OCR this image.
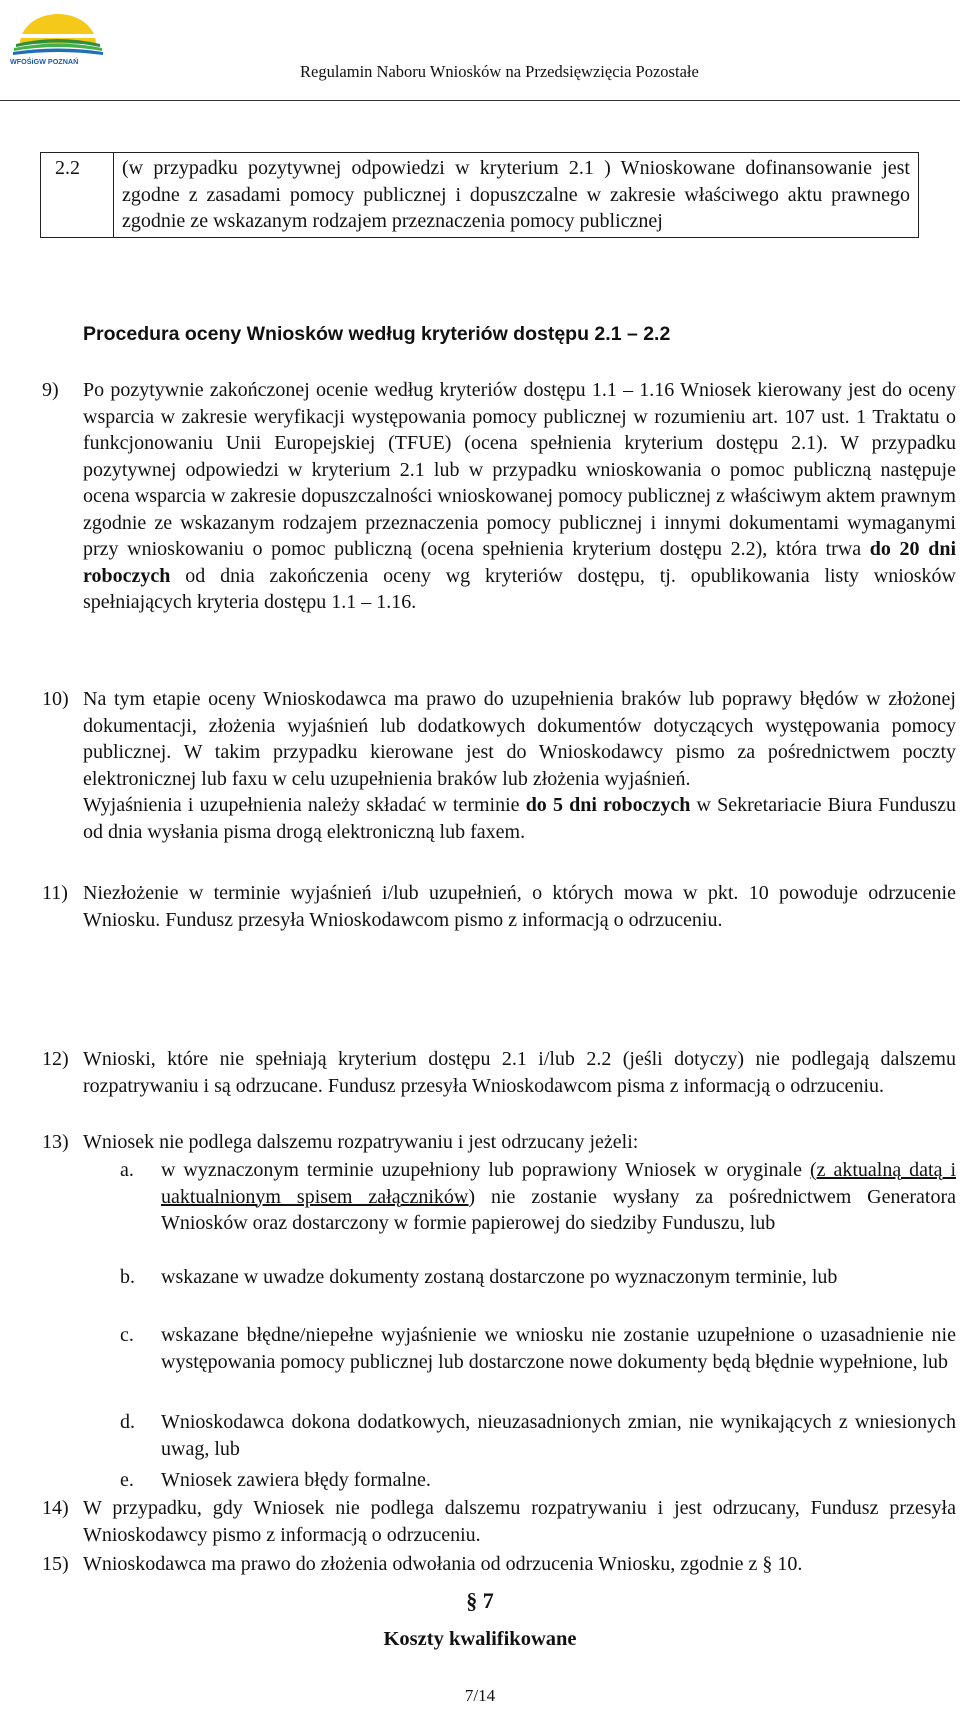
WFOŚiGW POZNAŃ
Regulamin Naboru Wniosków na Przedsięwzięcia Pozostałe
2.2	(w przypadku pozytywnej odpowiedzi w kryterium 2.1 ) Wnioskowane dofinansowanie jest zgodne z zasadami pomocy publicznej i dopuszczalne w zakresie właściwego aktu prawnego zgodnie ze wskazanym rodzajem przeznaczenia pomocy publicznej
Procedura oceny Wniosków według kryteriów dostępu 2.1 – 2.2
9) Po pozytywnie zakończonej ocenie według kryteriów dostępu 1.1 – 1.16 Wniosek kierowany jest do oceny wsparcia w zakresie weryfikacji występowania pomocy publicznej w rozumieniu art. 107 ust. 1 Traktatu o funkcjonowaniu Unii Europejskiej (TFUE) (ocena spełnienia kryterium dostępu 2.1). W przypadku pozytywnej odpowiedzi w kryterium 2.1 lub w przypadku wnioskowania o pomoc publiczną następuje ocena wsparcia w zakresie dopuszczalności wnioskowanej pomocy publicznej z właściwym aktem prawnym zgodnie ze wskazanym rodzajem przeznaczenia pomocy publicznej i innymi dokumentami wymaganymi przy wnioskowaniu o pomoc publiczną (ocena spełnienia kryterium dostępu 2.2), która trwa do 20 dni roboczych od dnia zakończenia oceny wg kryteriów dostępu, tj. opublikowania listy wniosków spełniających kryteria dostępu 1.1 – 1.16.
10) Na tym etapie oceny Wnioskodawca ma prawo do uzupełnienia braków lub poprawy błędów w złożonej dokumentacji, złożenia wyjaśnień lub dodatkowych dokumentów dotyczących występowania pomocy publicznej. W takim przypadku kierowane jest do Wnioskodawcy pismo za pośrednictwem poczty elektronicznej lub faxu w celu uzupełnienia braków lub złożenia wyjaśnień.

Wyjaśnienia i uzupełnienia należy składać w terminie do 5 dni roboczych w Sekretariacie Biura Funduszu od dnia wysłania pisma drogą elektroniczną lub faxem.

11) Niezłożenie w terminie wyjaśnień i/lub uzupełnień, o których mowa w pkt. 10 powoduje odrzucenie Wniosku. Fundusz przesyła Wnioskodawcom pismo z informacją o odrzuceniu.
12) Wnioski, które nie spełniają kryterium dostępu 2.1 i/lub 2.2 (jeśli dotyczy) nie podlegają dalszemu rozpatrywaniu i są odrzucane. Fundusz przesyła Wnioskodawcom pisma z informacją o odrzuceniu.
13) Wniosek nie podlega dalszemu rozpatrywaniu i jest odrzucany jeżeli:
a. w wyznaczonym terminie uzupełniony lub poprawiony Wniosek w oryginale (z aktualną datą i uaktualnionym spisem załączników) nie zostanie wysłany za pośrednictwem Generatora Wniosków oraz dostarczony w formie papierowej do siedziby Funduszu, lub
b. wskazane w uwadze dokumenty zostaną dostarczone po wyznaczonym terminie, lub
c. wskazane błędne/niepełne wyjaśnienie we wniosku nie zostanie uzupełnione o uzasadnienie nie występowania pomocy publicznej lub dostarczone nowe dokumenty będą błędnie wypełnione, lub
d. Wnioskodawca dokona dodatkowych, nieuzasadnionych zmian, nie wynikających z wniesionych uwag, lub
e. Wniosek zawiera błędy formalne.
14) W przypadku, gdy Wniosek nie podlega dalszemu rozpatrywaniu i jest odrzucany, Fundusz przesyła Wnioskodawcy pismo z informacją o odrzuceniu.
15) Wnioskodawca ma prawo do złożenia odwołania od odrzucenia Wniosku, zgodnie z § 10.
§ 7
Koszty kwalifikowane
7/14
